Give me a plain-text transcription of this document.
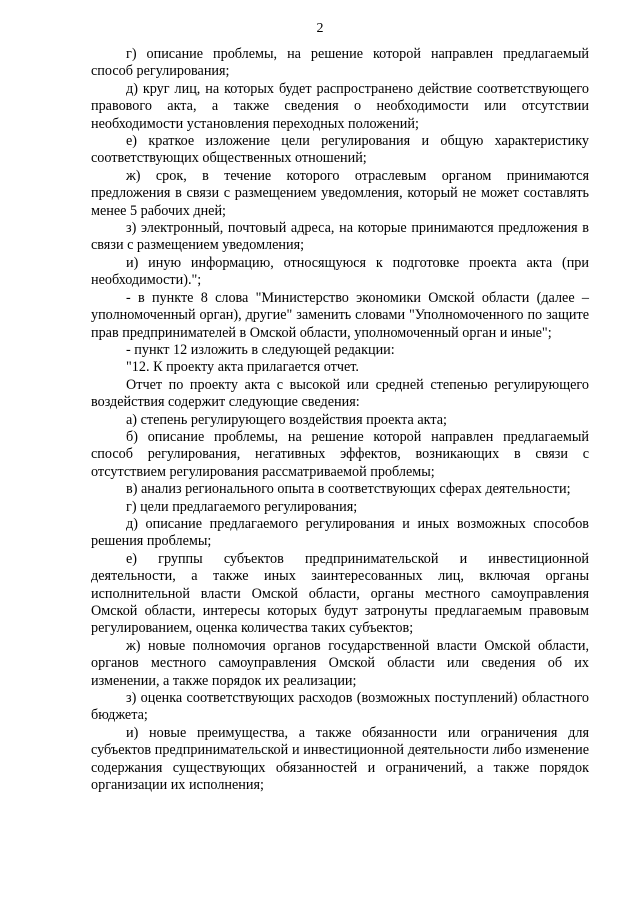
2

г) описание проблемы, на решение которой направлен предлагаемый способ регулирования;

д) круг лиц, на которых будет распространено действие соответствующего правового акта, а также сведения о необходимости или отсутствии необходимости установления переходных положений;

е) краткое изложение цели регулирования и общую характеристику соответствующих общественных отношений;

ж) срок, в течение которого отраслевым органом принимаются предложения в связи с размещением уведомления, который не может составлять менее 5 рабочих дней;

з) электронный, почтовый адреса, на которые принимаются предложения в связи с размещением уведомления;

и) иную информацию, относящуюся к подготовке проекта акта (при необходимости).";

- в пункте 8 слова "Министерство экономики Омской области (далее – уполномоченный орган), другие" заменить словами "Уполномоченного по защите прав предпринимателей в Омской области, уполномоченный орган и иные";

- пункт 12 изложить в следующей редакции:

"12. К проекту акта прилагается отчет.

Отчет по проекту акта с высокой или средней степенью регулирующего воздействия содержит следующие сведения:

а) степень регулирующего воздействия проекта акта;

б) описание проблемы, на решение которой направлен предлагаемый способ регулирования, негативных эффектов, возникающих в связи с отсутствием регулирования рассматриваемой проблемы;

в) анализ регионального опыта в соответствующих сферах деятельности;

г) цели предлагаемого регулирования;

д) описание предлагаемого регулирования и иных возможных способов решения проблемы;

е) группы субъектов предпринимательской и инвестиционной деятельности, а также иных заинтересованных лиц, включая органы исполнительной власти Омской области, органы местного самоуправления Омской области, интересы которых будут затронуты предлагаемым правовым регулированием, оценка количества таких субъектов;

ж) новые полномочия органов государственной власти Омской области, органов местного самоуправления Омской области или сведения об их изменении, а также порядок их реализации;

з) оценка соответствующих расходов (возможных поступлений) областного бюджета;

и) новые преимущества, а также обязанности или ограничения для субъектов предпринимательской и инвестиционной деятельности либо изменение содержания существующих обязанностей и ограничений, а также порядок организации их исполнения;
